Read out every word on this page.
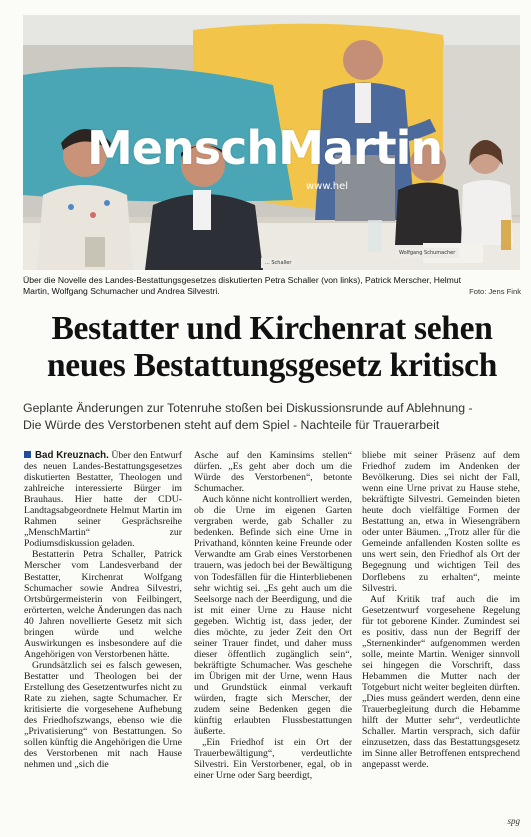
MenschMartin
www.hel
... Schaller
Wolfgang Schumacher
Über die Novelle des Landes-Bestattungsgesetzes diskutierten Petra Schaller (von links), Patrick Merscher, Helmut Martin, Wolfgang Schumacher und Andrea Silvestri.	Foto: Jens Fink
Bestatter und Kirchenrat sehen
neues Bestattungsgesetz kritisch
Geplante Änderungen zur Totenruhe stoßen bei Diskussionsrunde auf Ablehnung -
Die Würde des Verstorbenen steht auf dem Spiel - Nachteile für Trauerarbeit

Bad Kreuznach. Über den Entwurf des neuen Landes-Bestattungsgesetzes diskutierten Bestatter, Theologen und zahlreiche interessierte Bürger im Brauhaus. Hier hatte der CDU-Landtagsabgeordnete Helmut Martin im Rahmen seiner Gesprächsreihe „MenschMartin“ zur Podiumsdiskussion geladen.

Bestatterin Petra Schaller, Patrick Merscher vom Landesverband der Bestatter, Kirchenrat Wolfgang Schumacher sowie Andrea Silvestri, Ortsbürgermeisterin von Feilbingert, erörterten, welche Änderungen das nach 40 Jahren novellierte Gesetz mit sich bringen würde und welche Auswirkungen es insbesondere auf die Angehörigen von Verstorbenen hätte.

Grundsätzlich sei es falsch gewesen, Bestatter und Theologen bei der Erstellung des Gesetzentwurfes nicht zu Rate zu ziehen, sagte Schumacher. Er kritisierte die vorgesehene Aufhebung des Friedhofszwangs, ebenso wie die „Privatisierung“ von Bestattungen. So sollen künftig die Angehörigen die Urne des Verstorbenen mit nach Hause nehmen und „sich die

Asche auf den Kaminsims stellen“ dürfen. „Es geht aber doch um die Würde des Verstorbenen“, betonte Schumacher.

Auch könne nicht kontrolliert werden, ob die Urne im eigenen Garten vergraben werde, gab Schaller zu bedenken. Befinde sich eine Urne in Privathand, könnten keine Freunde oder Verwandte am Grab eines Verstorbenen trauern, was jedoch bei der Bewältigung von Todesfällen für die Hinterbliebenen sehr wichtig sei. „Es geht auch um die Seelsorge nach der Beerdigung, und die ist mit einer Urne zu Hause nicht gegeben. Wichtig ist, dass jeder, der dies möchte, zu jeder Zeit den Ort seiner Trauer findet, und daher muss dieser öffentlich zugänglich sein“, bekräftigte Schumacher. Was geschehe im Übrigen mit der Urne, wenn Haus und Grundstück einmal verkauft würden, fragte sich Merscher, der zudem seine Bedenken gegen die künftig erlaubten Flussbestattungen äußerte.

„Ein Friedhof ist ein Ort der Trauerbewältigung“, verdeutlichte Silvestri. Ein Verstorbener, egal, ob in einer Urne oder Sarg beerdigt,

bliebe mit seiner Präsenz auf dem Friedhof zudem im Andenken der Bevölkerung. Dies sei nicht der Fall, wenn eine Urne privat zu Hause stehe, bekräftigte Silvestri. Gemeinden bieten heute doch vielfältige Formen der Bestattung an, etwa in Wiesengräbern oder unter Bäumen. „Trotz aller für die Gemeinde anfallenden Kosten sollte es uns wert sein, den Friedhof als Ort der Begegnung und wichtigen Teil des Dorflebens zu erhalten“, meinte Silvestri.

Auf Kritik traf auch die im Gesetzentwurf vorgesehene Regelung für tot geborene Kinder. Zumindest sei es positiv, dass nun der Begriff der „Sternenkinder“ aufgenommen werden solle, meinte Martin. Weniger sinnvoll sei hingegen die Vorschrift, dass Hebammen die Mutter nach der Totgeburt nicht weiter begleiten dürften. „Dies muss geändert werden, denn eine Trauerbegleitung durch die Hebamme hilft der Mutter sehr“, verdeutlichte Schaller. Martin versprach, sich dafür einzusetzen, dass das Bestattungsgesetz im Sinne aller Betroffenen entsprechend angepasst werde.

spg
